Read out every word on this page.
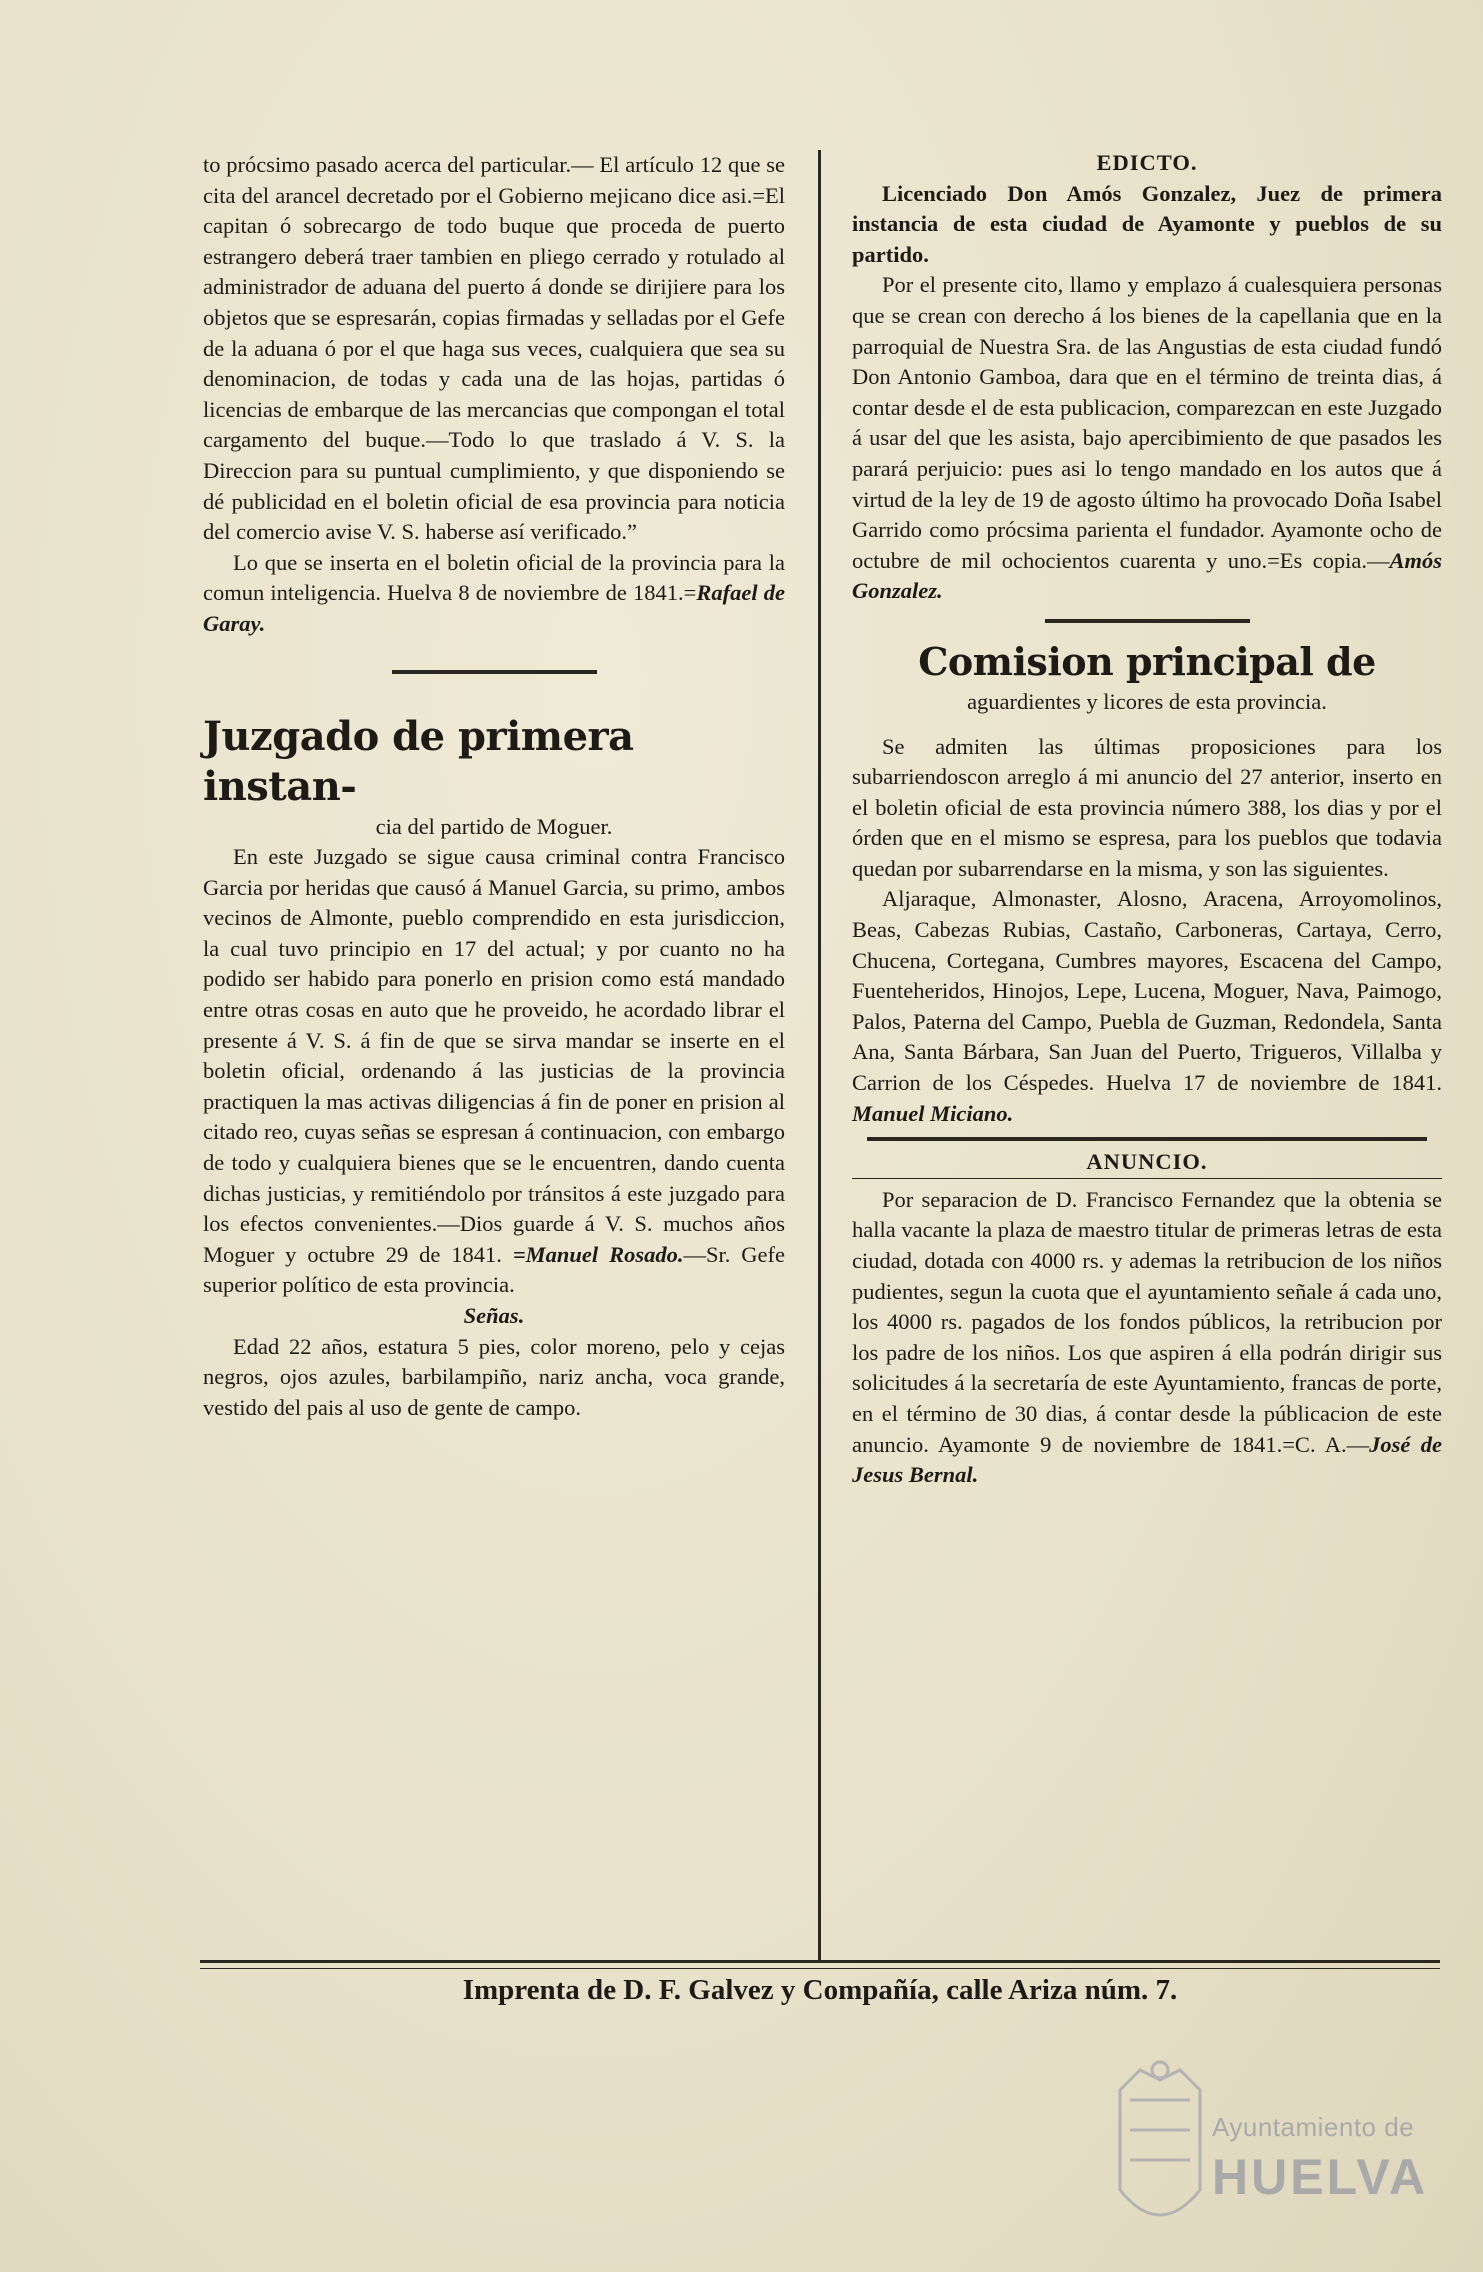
to prócsimo pasado acerca del particular.— El artículo 12 que se cita del arancel decretado por el Gobierno mejicano dice asi.=El capitan ó sobrecargo de todo buque que proceda de puerto estrangero deberá traer tambien en pliego cerrado y rotulado al administrador de aduana del puerto á donde se dirijiere para los objetos que se espresarán, copias firmadas y selladas por el Gefe de la aduana ó por el que haga sus veces, cualquiera que sea su denominacion, de todas y cada una de las hojas, partidas ó licencias de embarque de las mercancias que compongan el total cargamento del buque.—Todo lo que traslado á V. S. la Direccion para su puntual cumplimiento, y que disponiendo se dé publicidad en el boletin oficial de esa provincia para noticia del comercio avise V. S. haberse así verificado.”

Lo que se inserta en el boletin oficial de la provincia para la comun inteligencia. Huelva 8 de noviembre de 1841.=Rafael de Garay.

Juzgado de primera instan-

cia del partido de Moguer.

En este Juzgado se sigue causa criminal contra Francisco Garcia por heridas que causó á Manuel Garcia, su primo, ambos vecinos de Almonte, pueblo comprendido en esta jurisdiccion, la cual tuvo principio en 17 del actual; y por cuanto no ha podido ser habido para ponerlo en prision como está mandado entre otras cosas en auto que he proveido, he acordado librar el presente á V. S. á fin de que se sirva mandar se inserte en el boletin oficial, ordenando á las justicias de la provincia practiquen la mas activas diligencias á fin de poner en prision al citado reo, cuyas señas se espresan á continuacion, con embargo de todo y cualquiera bienes que se le encuentren, dando cuenta dichas justicias, y remitiéndolo por tránsitos á este juzgado para los efectos convenientes.—Dios guarde á V. S. muchos años Moguer y octubre 29 de 1841. =Manuel Rosado.—Sr. Gefe superior político de esta provincia.

Señas.

Edad 22 años, estatura 5 pies, color moreno, pelo y cejas negros, ojos azules, barbilampiño, nariz ancha, voca grande, vestido del pais al uso de gente de campo.

EDICTO.

Licenciado Don Amós Gonzalez, Juez de primera instancia de esta ciudad de Ayamonte y pueblos de su partido.

Por el presente cito, llamo y emplazo á cualesquiera personas que se crean con derecho á los bienes de la capellania que en la parroquial de Nuestra Sra. de las Angustias de esta ciudad fundó Don Antonio Gamboa, dara que en el término de treinta dias, á contar desde el de esta publicacion, comparezcan en este Juzgado á usar del que les asista, bajo apercibimiento de que pasados les parará perjuicio: pues asi lo tengo mandado en los autos que á virtud de la ley de 19 de agosto último ha provocado Doña Isabel Garrido como prócsima parienta el fundador. Ayamonte ocho de octubre de mil ochocientos cuarenta y uno.=Es copia.—Amós Gonzalez.

Comision principal de

aguardientes y licores de esta provincia.

Se admiten las últimas proposiciones para los subarriendoscon arreglo á mi anuncio del 27 anterior, inserto en el boletin oficial de esta provincia número 388, los dias y por el órden que en el mismo se espresa, para los pueblos que todavia quedan por subarrendarse en la misma, y son las siguientes.

Aljaraque, Almonaster, Alosno, Aracena, Arroyomolinos, Beas, Cabezas Rubias, Castaño, Carboneras, Cartaya, Cerro, Chucena, Cortegana, Cumbres mayores, Escacena del Campo, Fuenteheridos, Hinojos, Lepe, Lucena, Moguer, Nava, Paimogo, Palos, Paterna del Campo, Puebla de Guzman, Redondela, Santa Ana, Santa Bárbara, San Juan del Puerto, Trigueros, Villalba y Carrion de los Céspedes. Huelva 17 de noviembre de 1841. Manuel Miciano.

ANUNCIO.

Por separacion de D. Francisco Fernandez que la obtenia se halla vacante la plaza de maestro titular de primeras letras de esta ciudad, dotada con 4000 rs. y ademas la retribucion de los niños pudientes, segun la cuota que el ayuntamiento señale á cada uno, los 4000 rs. pagados de los fondos públicos, la retribucion por los padre de los niños. Los que aspiren á ella podrán dirigir sus solicitudes á la secretaría de este Ayuntamiento, francas de porte, en el término de 30 dias, á contar desde la públicacion de este anuncio. Ayamonte 9 de noviembre de 1841.=C. A.—José de Jesus Bernal.

Imprenta de D. F. Galvez y Compañía, calle Ariza núm. 7.
Ayuntamiento de
HUELVA
